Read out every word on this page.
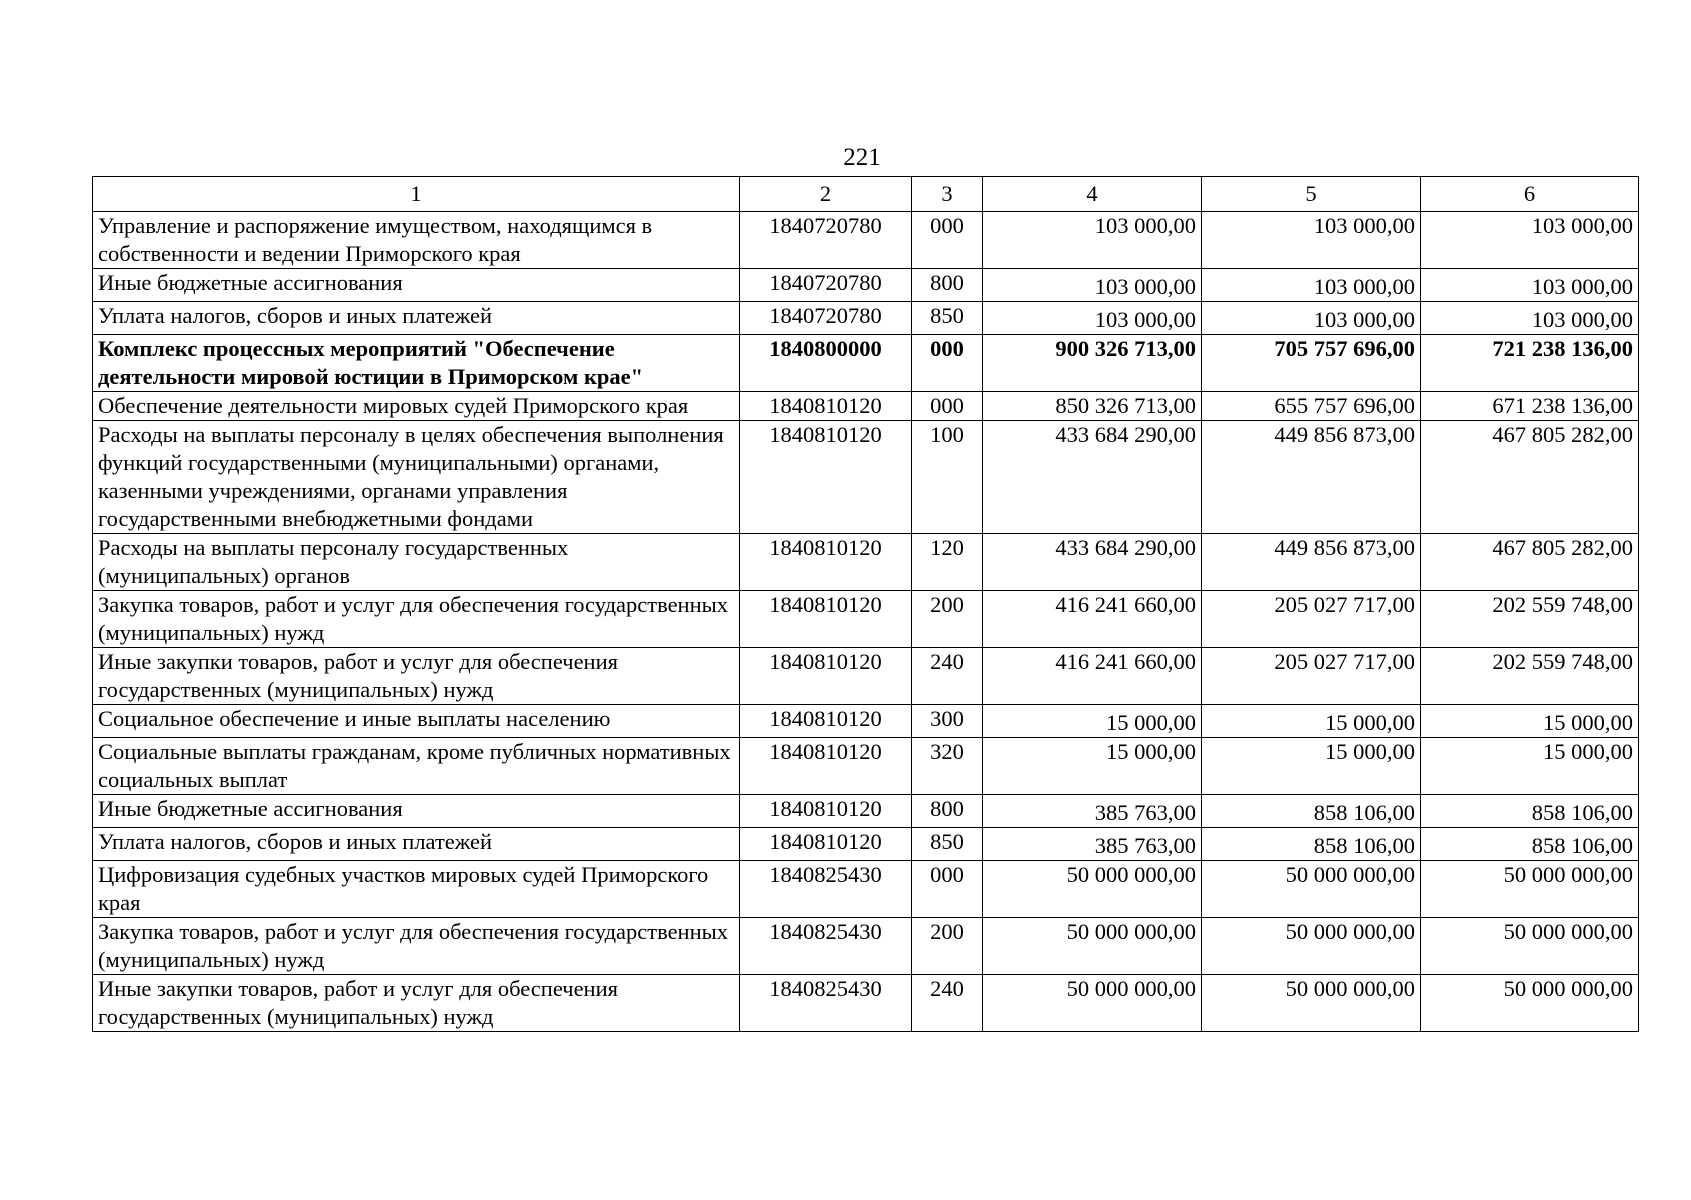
221
1	2	3	4	5	6
Управление и распоряжение имуществом, находящимся в собственности и ведении Приморского края	1840720780	000	103 000,00	103 000,00	103 000,00
Иные бюджетные ассигнования	1840720780	800	103 000,00	103 000,00	103 000,00
Уплата налогов, сборов и иных платежей	1840720780	850	103 000,00	103 000,00	103 000,00
Комплекс процессных мероприятий "Обеспечение деятельности мировой юстиции в Приморском крае"	1840800000	000	900 326 713,00	705 757 696,00	721 238 136,00
Обеспечение деятельности мировых судей Приморского края	1840810120	000	850 326 713,00	655 757 696,00	671 238 136,00
Расходы на выплаты персоналу в целях обеспечения выполнения функций государственными (муниципальными) органами, казенными учреждениями, органами управления государственными внебюджетными фондами	1840810120	100	433 684 290,00	449 856 873,00	467 805 282,00
Расходы на выплаты персоналу государственных (муниципальных) органов	1840810120	120	433 684 290,00	449 856 873,00	467 805 282,00
Закупка товаров, работ и услуг для обеспечения государственных (муниципальных) нужд	1840810120	200	416 241 660,00	205 027 717,00	202 559 748,00
Иные закупки товаров, работ и услуг для обеспечения государственных (муниципальных) нужд	1840810120	240	416 241 660,00	205 027 717,00	202 559 748,00
Социальное обеспечение и иные выплаты населению	1840810120	300	15 000,00	15 000,00	15 000,00
Социальные выплаты гражданам, кроме публичных нормативных социальных выплат	1840810120	320	15 000,00	15 000,00	15 000,00
Иные бюджетные ассигнования	1840810120	800	385 763,00	858 106,00	858 106,00
Уплата налогов, сборов и иных платежей	1840810120	850	385 763,00	858 106,00	858 106,00
Цифровизация судебных участков мировых судей Приморского края	1840825430	000	50 000 000,00	50 000 000,00	50 000 000,00
Закупка товаров, работ и услуг для обеспечения государственных (муниципальных) нужд	1840825430	200	50 000 000,00	50 000 000,00	50 000 000,00
Иные закупки товаров, работ и услуг для обеспечения государственных (муниципальных) нужд	1840825430	240	50 000 000,00	50 000 000,00	50 000 000,00
